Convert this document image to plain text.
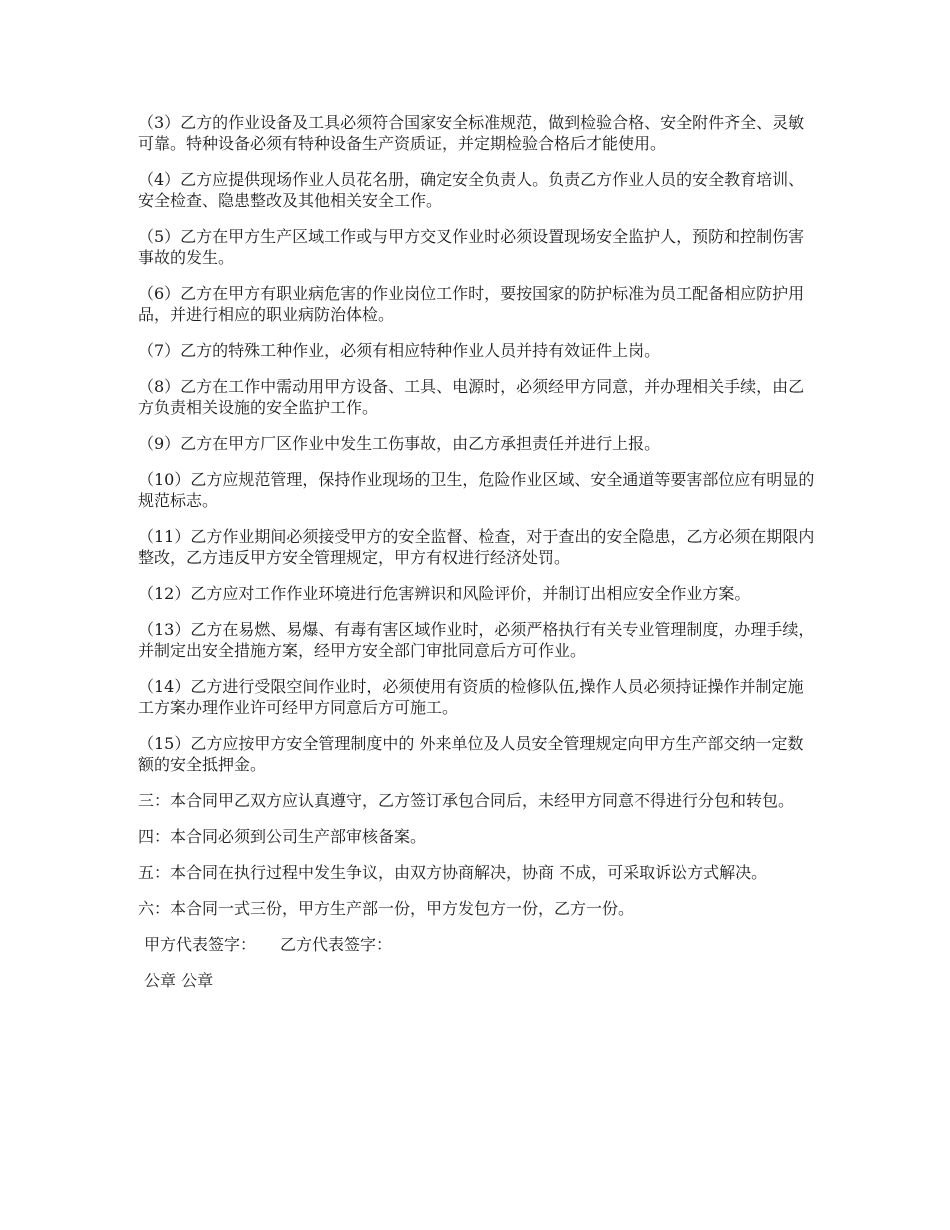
（3）乙方的作业设备及工具必须符合国家安全标准规范，做到检验合格、安全附件齐全、灵敏可靠。特种设备必须有特种设备生产资质证，并定期检验合格后才能使用。

（4）乙方应提供现场作业人员花名册，确定安全负责人。负责乙方作业人员的安全教育培训、安全检查、隐患整改及其他相关安全工作。

（5）乙方在甲方生产区域工作或与甲方交叉作业时必须设置现场安全监护人，预防和控制伤害事故的发生。

（6）乙方在甲方有职业病危害的作业岗位工作时，要按国家的防护标准为员工配备相应防护用品，并进行相应的职业病防治体检。

（7）乙方的特殊工种作业，必须有相应特种作业人员并持有效证件上岗。

（8）乙方在工作中需动用甲方设备、工具、电源时，必须经甲方同意，并办理相关手续，由乙方负责相关设施的安全监护工作。

（9）乙方在甲方厂区作业中发生工伤事故，由乙方承担责任并进行上报。

（10）乙方应规范管理，保持作业现场的卫生，危险作业区域、安全通道等要害部位应有明显的规范标志。

（11）乙方作业期间必须接受甲方的安全监督、检查，对于查出的安全隐患，乙方必须在期限内整改，乙方违反甲方安全管理规定，甲方有权进行经济处罚。

（12）乙方应对工作作业环境进行危害辨识和风险评价，并制订出相应安全作业方案。

（13）乙方在易燃、易爆、有毒有害区域作业时，必须严格执行有关专业管理制度，办理手续，并制定出安全措施方案，经甲方安全部门审批同意后方可作业。

（14）乙方进行受限空间作业时，必须使用有资质的检修队伍,操作人员必须持证操作并制定施工方案办理作业许可经甲方同意后方可施工。

（15）乙方应按甲方安全管理制度中的 外来单位及人员安全管理规定向甲方生产部交纳一定数额的安全抵押金。

三：本合同甲乙双方应认真遵守，乙方签订承包合同后，未经甲方同意不得进行分包和转包。

四：本合同必须到公司生产部审核备案。

五：本合同在执行过程中发生争议，由双方协商解决，协商 不成，可采取诉讼方式解决。

六：本合同一式三份，甲方生产部一份，甲方发包方一份，乙方一份。

甲方代表签字： 乙方代表签字：
公章 公章
